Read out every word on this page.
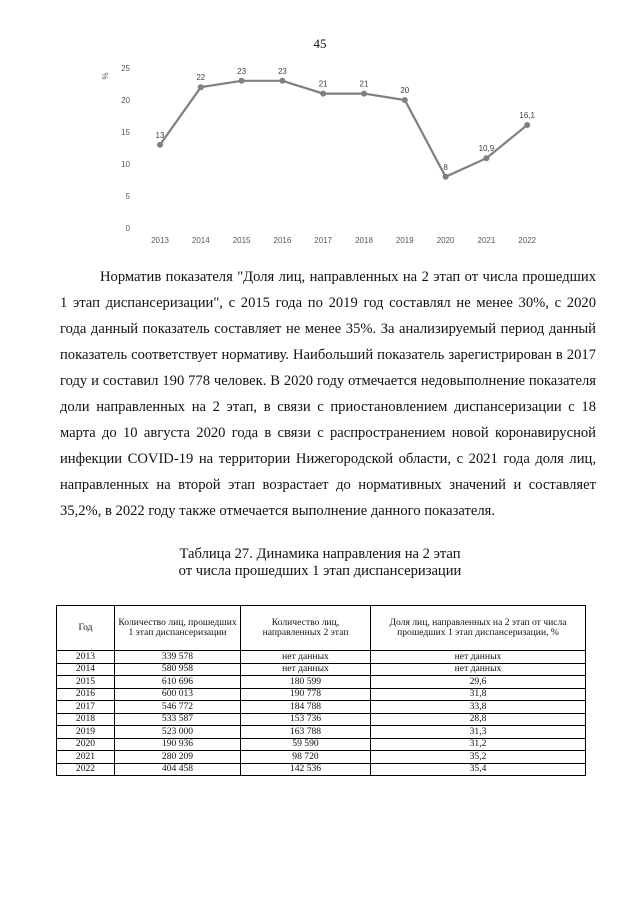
45
0
5
10
15
20
25
%
2013	2014	2015	2016	2017	2018	2019	2020	2021	2022
13
22
23	23
21	21
20
8
10,9
16,1

Норматив показателя "Доля лиц, направленных на 2 этап от числа прошедших 1 этап диспансеризации", с 2015 года по 2019 год составлял не менее 30%, с 2020 года данный показатель составляет не менее 35%. За анализируемый период данный показатель соответствует нормативу. Наибольший показатель зарегистрирован в 2017 году и составил 190 778 человек. В 2020 году отмечается недовыполнение показателя доли направленных на 2 этап, в связи с приостановлением диспансеризации с 18 марта до 10 августа 2020 года в связи с распространением новой коронавирусной инфекции COVID-19 на территории Нижегородской области, с 2021 года доля лиц, направленных на второй этап возрастает до нормативных значений и составляет 35,2%, в 2022 году также отмечается выполнение данного показателя.

Таблица 27. Динамика направления на 2 этап
от числа прошедших 1 этап диспансеризации
Год	Количество лиц, прошедших 1 этап диспансеризации	Количество лиц, направленных 2 этап	Доля лиц, направленных на 2 этап от числа прошедших 1 этап диспансеризации, %
2013	339 578	нет данных	нет данных
2014	580 958	нет данных	нет данных
2015	610 696	180 599	29,6
2016	600 013	190 778	31,8
2017	546 772	184 788	33,8
2018	533 587	153 736	28,8
2019	523 000	163 788	31,3
2020	190 936	59 590	31,2
2021	280 209	98 720	35,2
2022	404 458	142 536	35,4
